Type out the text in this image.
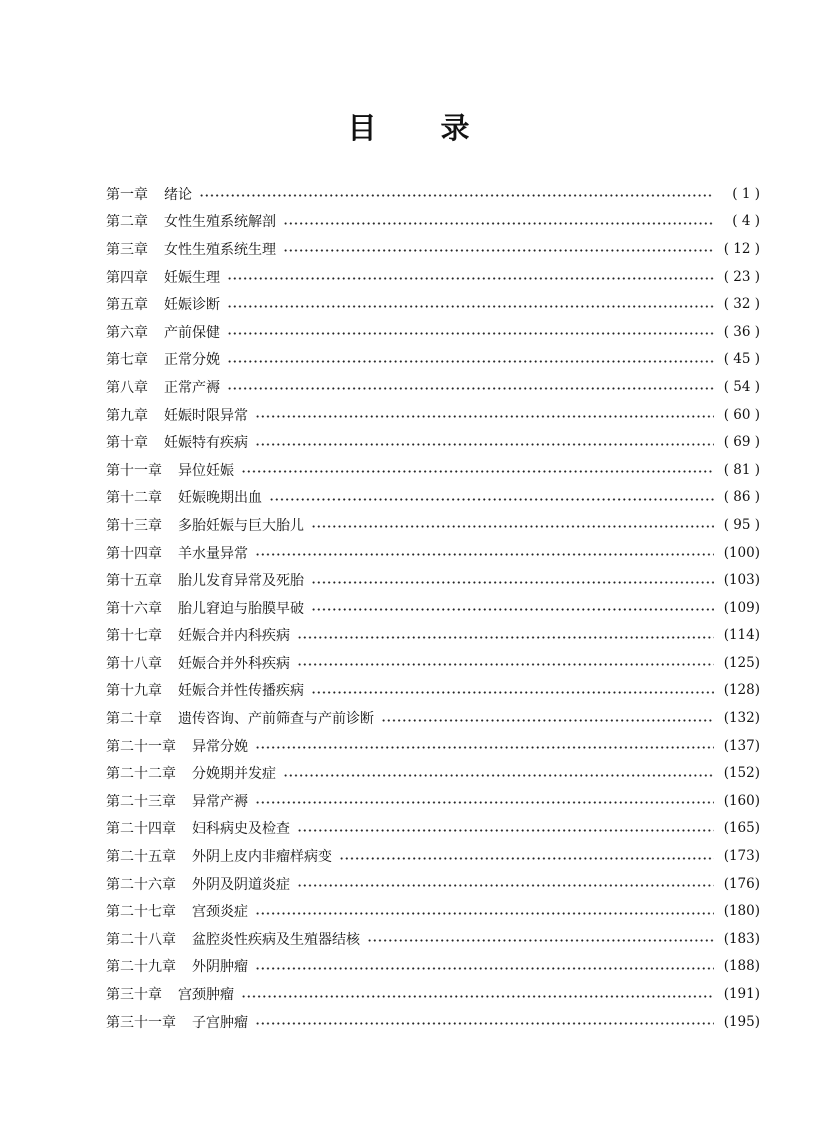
目 录
第一章 绪论	( 1 )
第二章 女性生殖系统解剖	( 4 )
第三章 女性生殖系统生理	( 12 )
第四章 妊娠生理	( 23 )
第五章 妊娠诊断	( 32 )
第六章 产前保健	( 36 )
第七章 正常分娩	( 45 )
第八章 正常产褥	( 54 )
第九章 妊娠时限异常	( 60 )
第十章 妊娠特有疾病	( 69 )
第十一章 异位妊娠	( 81 )
第十二章 妊娠晚期出血	( 86 )
第十三章 多胎妊娠与巨大胎儿	( 95 )
第十四章 羊水量异常	(100)
第十五章 胎儿发育异常及死胎	(103)
第十六章 胎儿窘迫与胎膜早破	(109)
第十七章 妊娠合并内科疾病	(114)
第十八章 妊娠合并外科疾病	(125)
第十九章 妊娠合并性传播疾病	(128)
第二十章 遗传咨询、产前筛查与产前诊断	(132)
第二十一章 异常分娩	(137)
第二十二章 分娩期并发症	(152)
第二十三章 异常产褥	(160)
第二十四章 妇科病史及检查	(165)
第二十五章 外阴上皮内非瘤样病变	(173)
第二十六章 外阴及阴道炎症	(176)
第二十七章 宫颈炎症	(180)
第二十八章 盆腔炎性疾病及生殖器结核	(183)
第二十九章 外阴肿瘤	(188)
第三十章 宫颈肿瘤	(191)
第三十一章 子宫肿瘤	(195)
